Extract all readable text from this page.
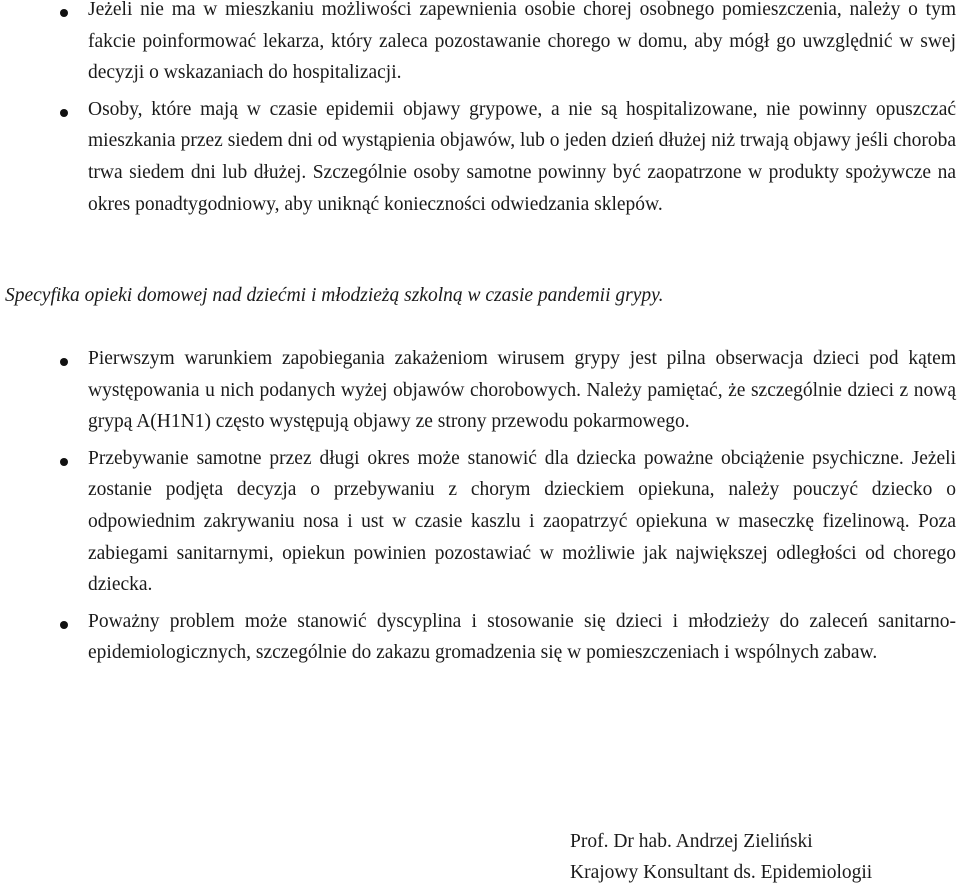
Jeżeli nie ma w mieszkaniu możliwości zapewnienia osobie chorej osobnego pomieszczenia, należy o tym fakcie poinformować lekarza, który zaleca pozostawanie chorego w domu, aby mógł go uwzględnić w swej decyzji o wskazaniach do hospitalizacji.
Osoby, które mają w czasie epidemii objawy grypowe, a nie są hospitalizowane, nie powinny opuszczać mieszkania przez siedem dni od wystąpienia objawów, lub o jeden dzień dłużej niż trwają objawy jeśli choroba trwa siedem dni lub dłużej. Szczególnie osoby samotne powinny być zaopatrzone w produkty spożywcze na okres ponadtygodniowy, aby uniknąć konieczności odwiedzania sklepów.
Specyfika opieki domowej nad dziećmi i młodzieżą szkolną w czasie pandemii grypy.
Pierwszym warunkiem zapobiegania zakażeniom wirusem grypy jest pilna obserwacja dzieci pod kątem występowania u nich podanych wyżej objawów chorobowych. Należy pamiętać, że szczególnie dzieci z nową grypą A(H1N1) często występują objawy ze strony przewodu pokarmowego.
Przebywanie samotne przez długi okres może stanowić dla dziecka poważne obciążenie psychiczne. Jeżeli zostanie podjęta decyzja o przebywaniu z chorym dzieckiem opiekuna, należy pouczyć dziecko o odpowiednim zakrywaniu nosa i ust w czasie kaszlu i zaopatrzyć opiekuna w maseczkę fizelinową. Poza zabiegami sanitarnymi, opiekun powinien pozostawiać w możliwie jak największej odległości od chorego dziecka.
Poważny problem może stanowić dyscyplina i stosowanie się dzieci i młodzieży do zaleceń sanitarno-epidemiologicznych, szczególnie do zakazu gromadzenia się w pomieszczeniach i wspólnych zabaw.
Prof. Dr hab. Andrzej Zieliński
Krajowy Konsultant ds. Epidemiologii
